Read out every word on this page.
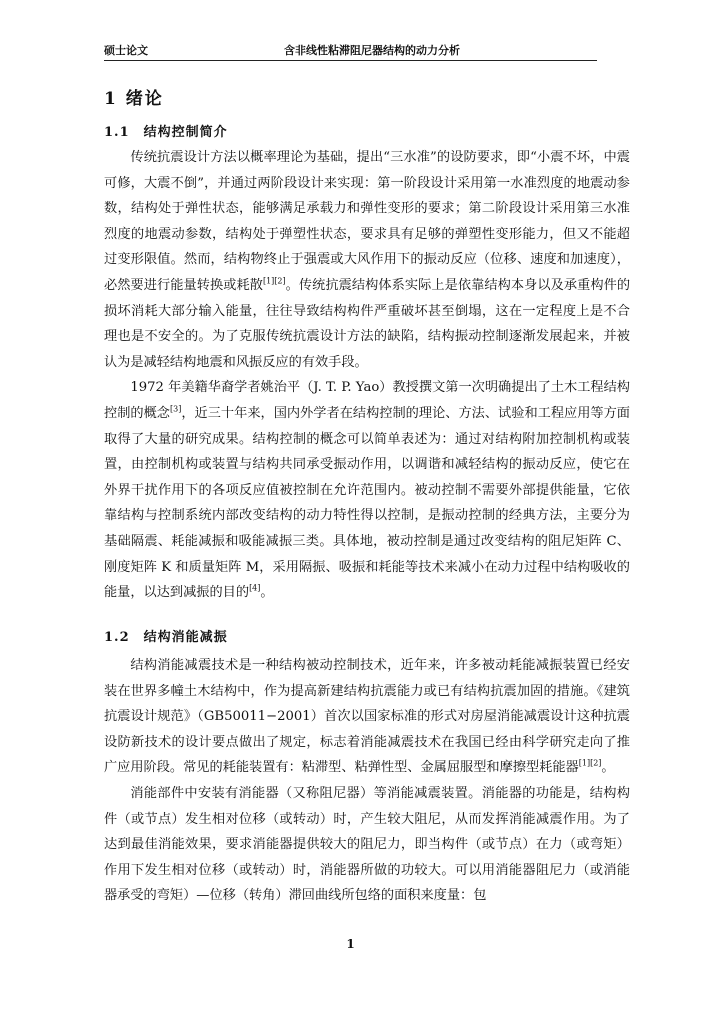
硕士论文	含非线性粘滞阻尼器结构的动力分析
1 绪论
1.1　结构控制简介

传统抗震设计方法以概率理论为基础，提出“三水准”的设防要求，即“小震不坏，中震可修，大震不倒”，并通过两阶段设计来实现：第一阶段设计采用第一水准烈度的地震动参数，结构处于弹性状态，能够满足承载力和弹性变形的要求；第二阶段设计采用第三水准烈度的地震动参数，结构处于弹塑性状态，要求具有足够的弹塑性变形能力，但又不能超过变形限值。然而，结构物终止于强震或大风作用下的振动反应（位移、速度和加速度），必然要进行能量转换或耗散[1][2]。传统抗震结构体系实际上是依靠结构本身以及承重构件的损坏消耗大部分输入能量，往往导致结构构件严重破坏甚至倒塌，这在一定程度上是不合理也是不安全的。为了克服传统抗震设计方法的缺陷，结构振动控制逐渐发展起来，并被认为是减轻结构地震和风振反应的有效手段。

1972 年美籍华裔学者姚治平（J. T. P. Yao）教授撰文第一次明确提出了土木工程结构控制的概念[3]，近三十年来，国内外学者在结构控制的理论、方法、试验和工程应用等方面取得了大量的研究成果。结构控制的概念可以简单表述为：通过对结构附加控制机构或装置，由控制机构或装置与结构共同承受振动作用，以调谐和减轻结构的振动反应，使它在外界干扰作用下的各项反应值被控制在允许范围内。被动控制不需要外部提供能量，它依靠结构与控制系统内部改变结构的动力特性得以控制，是振动控制的经典方法，主要分为基础隔震、耗能减振和吸能减振三类。具体地，被动控制是通过改变结构的阻尼矩阵 C、刚度矩阵 K 和质量矩阵 M，采用隔振、吸振和耗能等技术来减小在动力过程中结构吸收的能量，以达到减振的目的[4]。

1.2　结构消能减振

结构消能减震技术是一种结构被动控制技术，近年来，许多被动耗能减振装置已经安装在世界多幢土木结构中，作为提高新建结构抗震能力或已有结构抗震加固的措施。《建筑抗震设计规范》（GB50011−2001）首次以国家标准的形式对房屋消能减震设计这种抗震设防新技术的设计要点做出了规定，标志着消能减震技术在我国已经由科学研究走向了推广应用阶段。常见的耗能装置有：粘滞型、粘弹性型、金属屈服型和摩擦型耗能器[1][2]。

消能部件中安装有消能器（又称阻尼器）等消能减震装置。消能器的功能是，结构构件（或节点）发生相对位移（或转动）时，产生较大阻尼，从而发挥消能减震作用。为了达到最佳消能效果，要求消能器提供较大的阻尼力，即当构件（或节点）在力（或弯矩）作用下发生相对位移（或转动）时，消能器所做的功较大。可以用消能器阻尼力（或消能器承受的弯矩）—位移（转角）滞回曲线所包络的面积来度量：包

1
